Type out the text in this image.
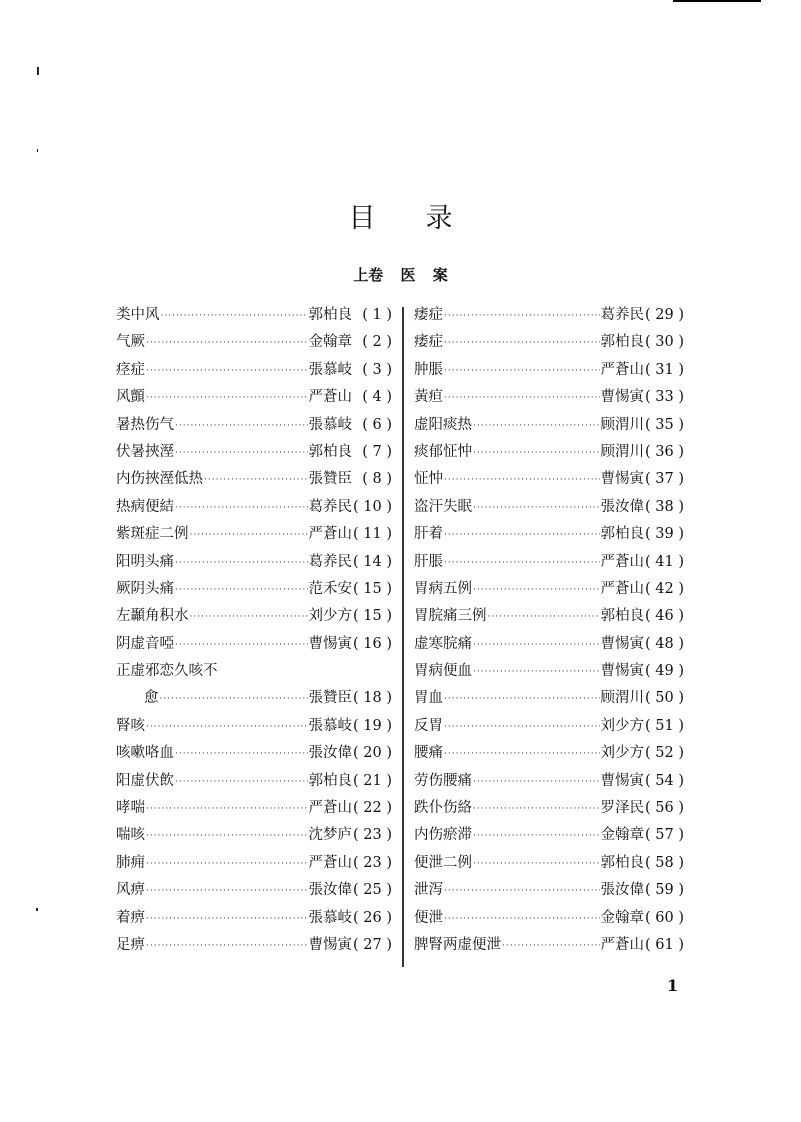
目录
上卷 医 案
类中风 ·····	郭柏良 ( 1 )
气厥 ·····	金翰章 ( 2 )
痉症 ·····	張慕岐 ( 3 )
风顫 ·····	严蒼山 ( 4 )
暑热伤气 ·····	張慕岐 ( 6 )
伏暑挾溼 ·····	郭柏良 ( 7 )
内伤挾溼低热 ·····	張贊臣 ( 8 )
热病便結 ·····	葛养民 ( 10 )
紫斑症二例 ·····	严蒼山 ( 11 )
阳明头痛 ·····	葛养民 ( 14 )
厥阴头痛 ·····	范禾安 ( 15 )
左顳角积水 ·····	刘少方 ( 15 )
阴虚音啞 ·····	曹惕寅 ( 16 )
正虚邪恋久咳不
愈 ·····	張贊臣 ( 18 )
腎咳 ·····	張慕岐 ( 19 )
咳嗽咯血 ·····	張汝偉 ( 20 )
阳虚伏飲 ·····	郭柏良 ( 21 )
哮喘 ·····	严蒼山 ( 22 )
喘咳 ·····	沈梦庐 ( 23 )
肺痈 ·····	严蒼山 ( 23 )
风痹 ·····	張汝偉 ( 25 )
着痹 ·····	張慕岐 ( 26 )
足痹 ·····	曹惕寅 ( 27 )
痿症 ·····	葛养民 ( 29 )
痿症 ·····	郭柏良 ( 30 )
肿脹 ·····	严蒼山 ( 31 )
黃疸 ·····	曹惕寅 ( 33 )
虚阳痰热 ·····	顾渭川 ( 35 )
痰郁怔忡 ·····	顾渭川 ( 36 )
怔忡 ·····	曹惕寅 ( 37 )
盗汗失眠 ·····	張汝偉 ( 38 )
肝着 ·····	郭柏良 ( 39 )
肝脹 ·····	严蒼山 ( 41 )
胃病五例 ·····	严蒼山 ( 42 )
胃脘痛三例 ·····	郭柏良 ( 46 )
虚寒脘痛 ·····	曹惕寅 ( 48 )
胃病便血 ·····	曹惕寅 ( 49 )
胃血 ·····	顾渭川 ( 50 )
反胃 ·····	刘少方 ( 51 )
腰痛 ·····	刘少方 ( 52 )
劳伤腰痛 ·····	曹惕寅 ( 54 )
跌仆伤絡 ·····	罗泽民 ( 56 )
内伤瘀滞 ·····	金翰章 ( 57 )
便泄二例 ·····	郭柏良 ( 58 )
泄泻 ·····	張汝偉 ( 59 )
便泄 ·····	金翰章 ( 60 )
脾腎两虚便泄 ·····	严蒼山 ( 61 )
1
